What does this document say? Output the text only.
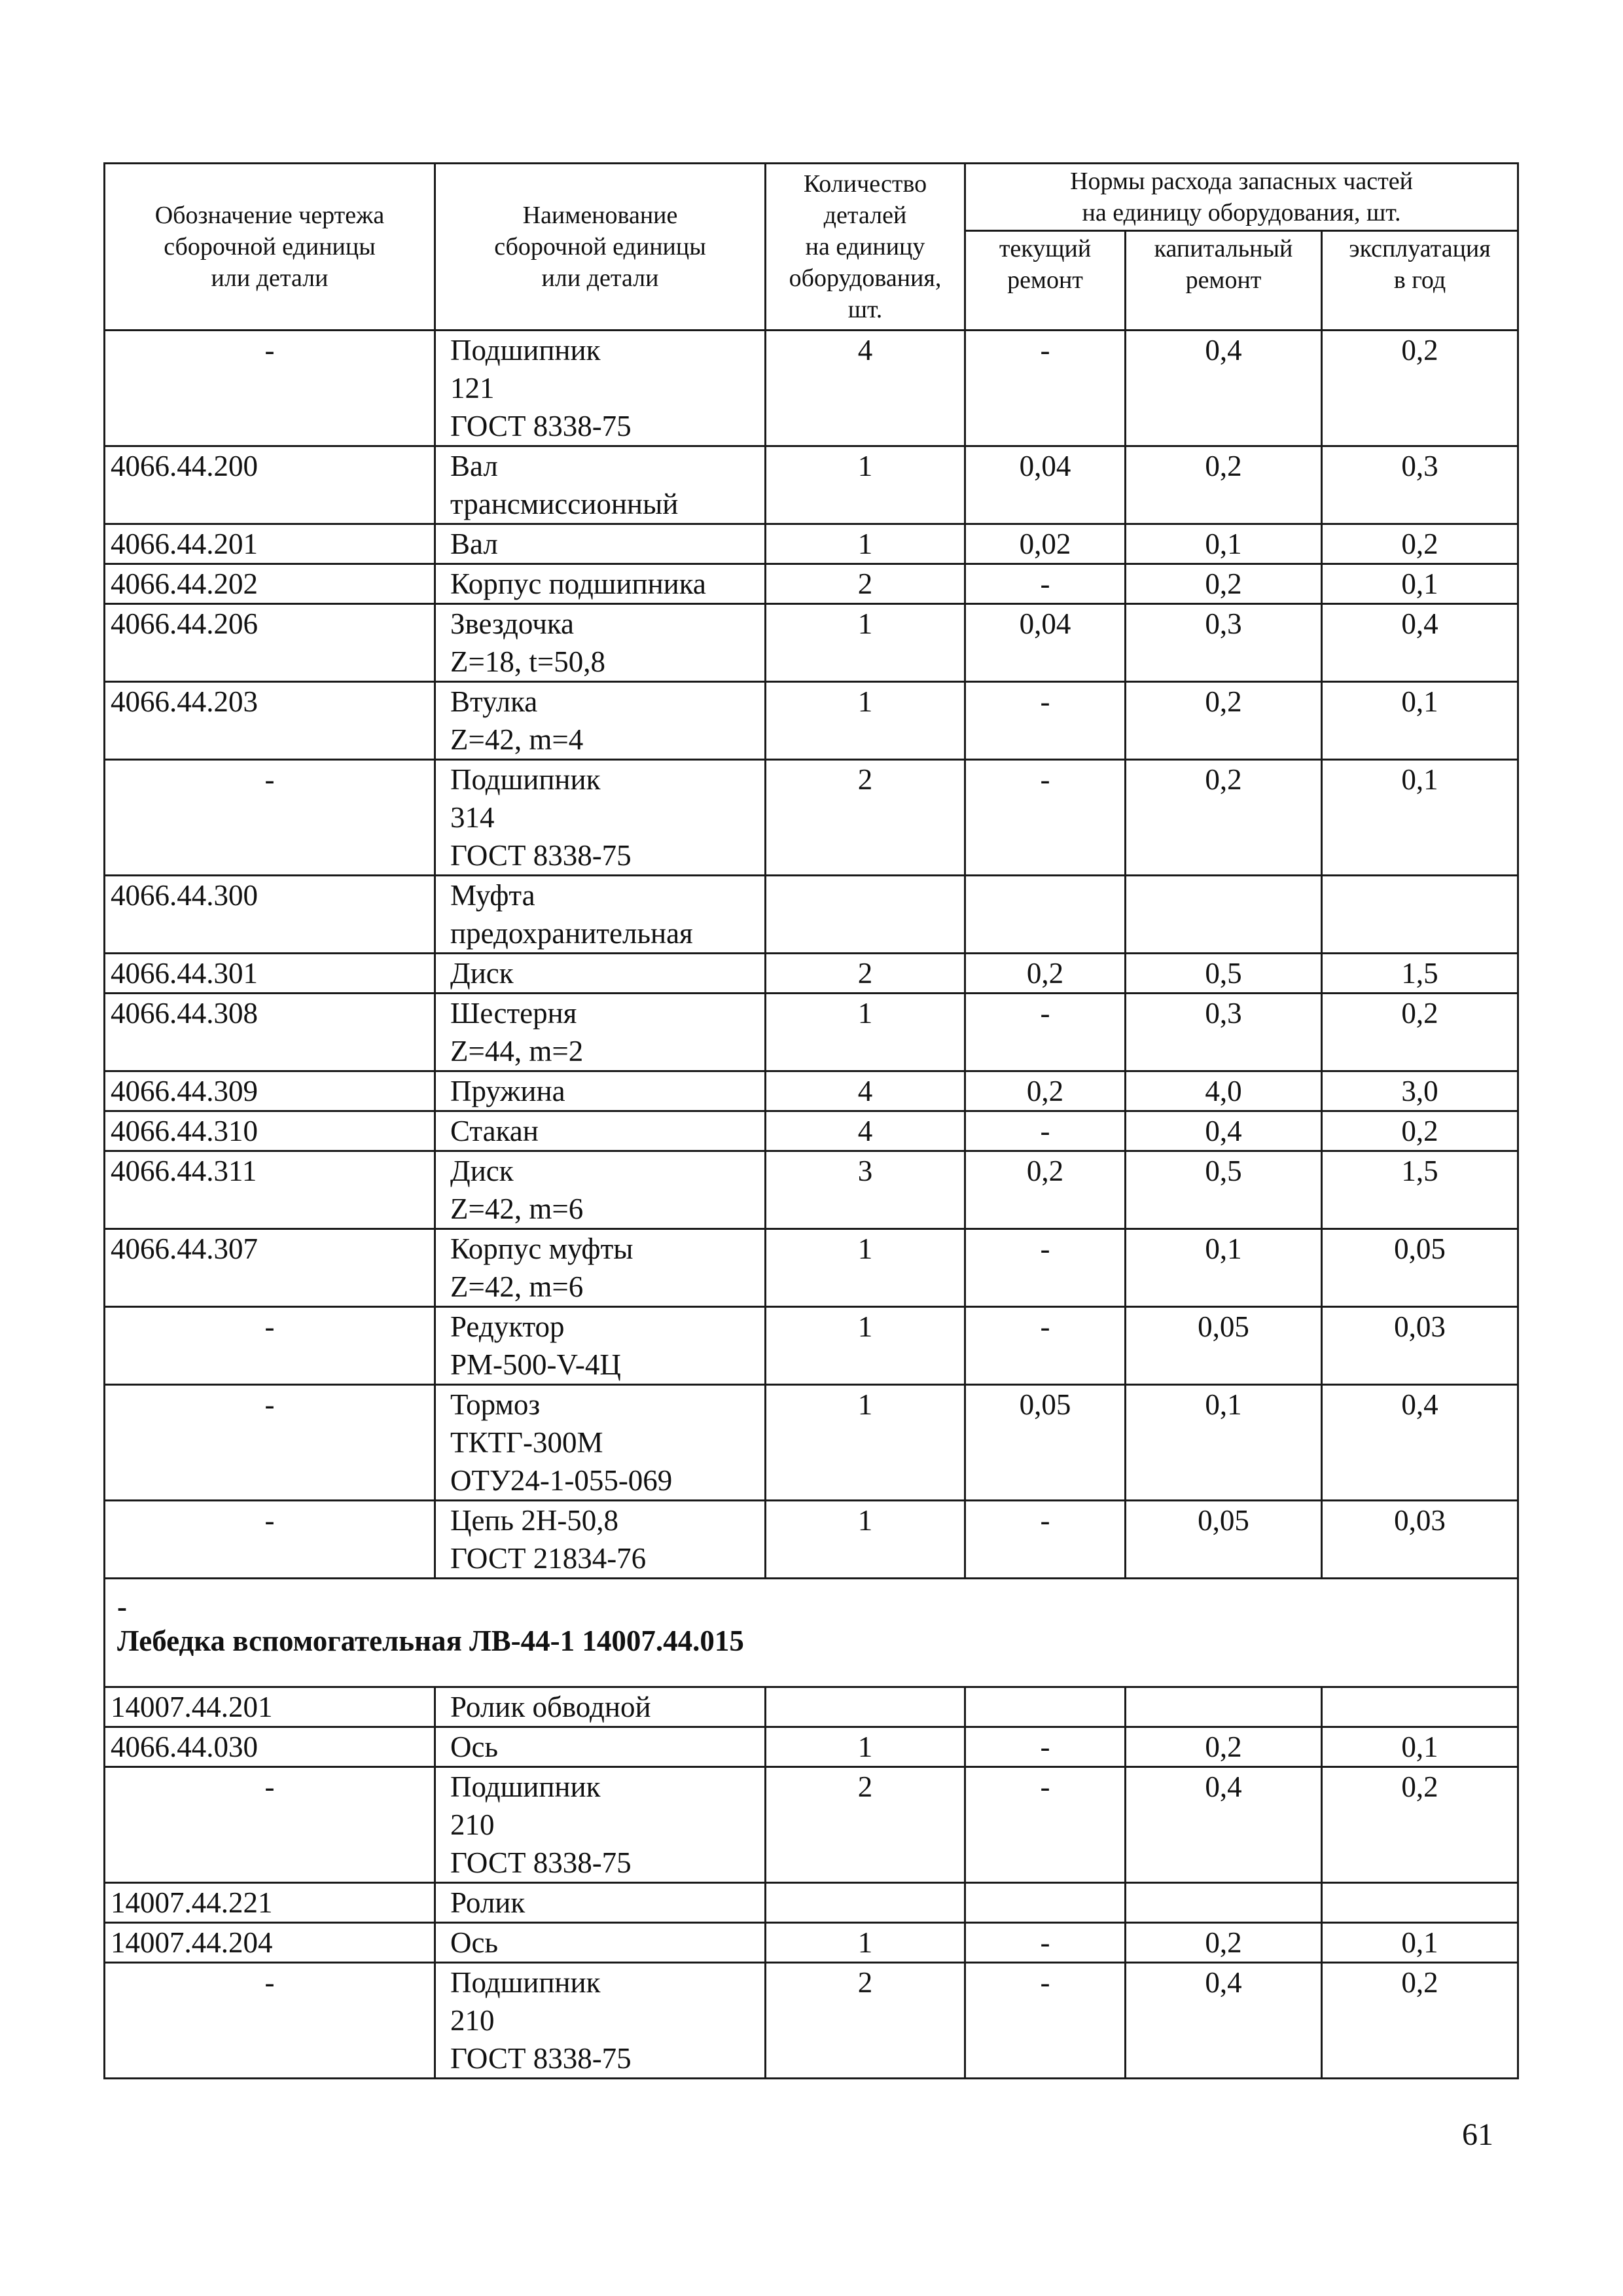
Обозначение чертежа
сборочной единицы
или детали	Наименование
сборочной единицы
или детали	Количество
деталей
на единицу
оборудования,
шт.	Нормы расхода запасных частей
на единицу оборудования, шт.		

			текущий
ремонт	капитальный
ремонт	эксплуатация
в год

-	Подшипник
121
ГОСТ 8338-75	4	-	0,4	0,2
4066.44.200	Вал
трансмиссионный	1	0,04	0,2	0,3
4066.44.201	Вал	1	0,02	0,1	0,2
4066.44.202	Корпус подшипника	2	-	0,2	0,1
4066.44.206	Звездочка
Z=18, t=50,8	1	0,04	0,3	0,4
4066.44.203	Втулка
Z=42, m=4	1	-	0,2	0,1
-	Подшипник
314
ГОСТ 8338-75	2	-	0,2	0,1
4066.44.300	Муфта
предохранительная				

4066.44.301	Диск	2	0,2	0,5	1,5
4066.44.308	Шестерня
Z=44, m=2	1	-	0,3	0,2
4066.44.309	Пружина	4	0,2	4,0	3,0
4066.44.310	Стакан	4	-	0,4	0,2
4066.44.311	Диск
Z=42, m=6	3	0,2	0,5	1,5
4066.44.307	Корпус муфты
Z=42, m=6	1	-	0,1	0,05
-	Редуктор
РМ-500-V-4Ц	1	-	0,05	0,03
-	Тормоз
ТКТГ-300М
ОТУ24-1-055-069	1	0,05	0,1	0,4
-	Цепь 2Н-50,8
ГОСТ 21834-76	1	-	0,05	0,03

-
Лебедка вспомогательная ЛВ-44-1 14007.44.015					

14007.44.201	Ролик обводной				

4066.44.030	Ось	1	-	0,2	0,1
-	Подшипник
210
ГОСТ 8338-75	2	-	0,4	0,2
14007.44.221	Ролик				

14007.44.204	Ось	1	-	0,2	0,1
-	Подшипник
210
ГОСТ 8338-75	2	-	0,4	0,2
61
